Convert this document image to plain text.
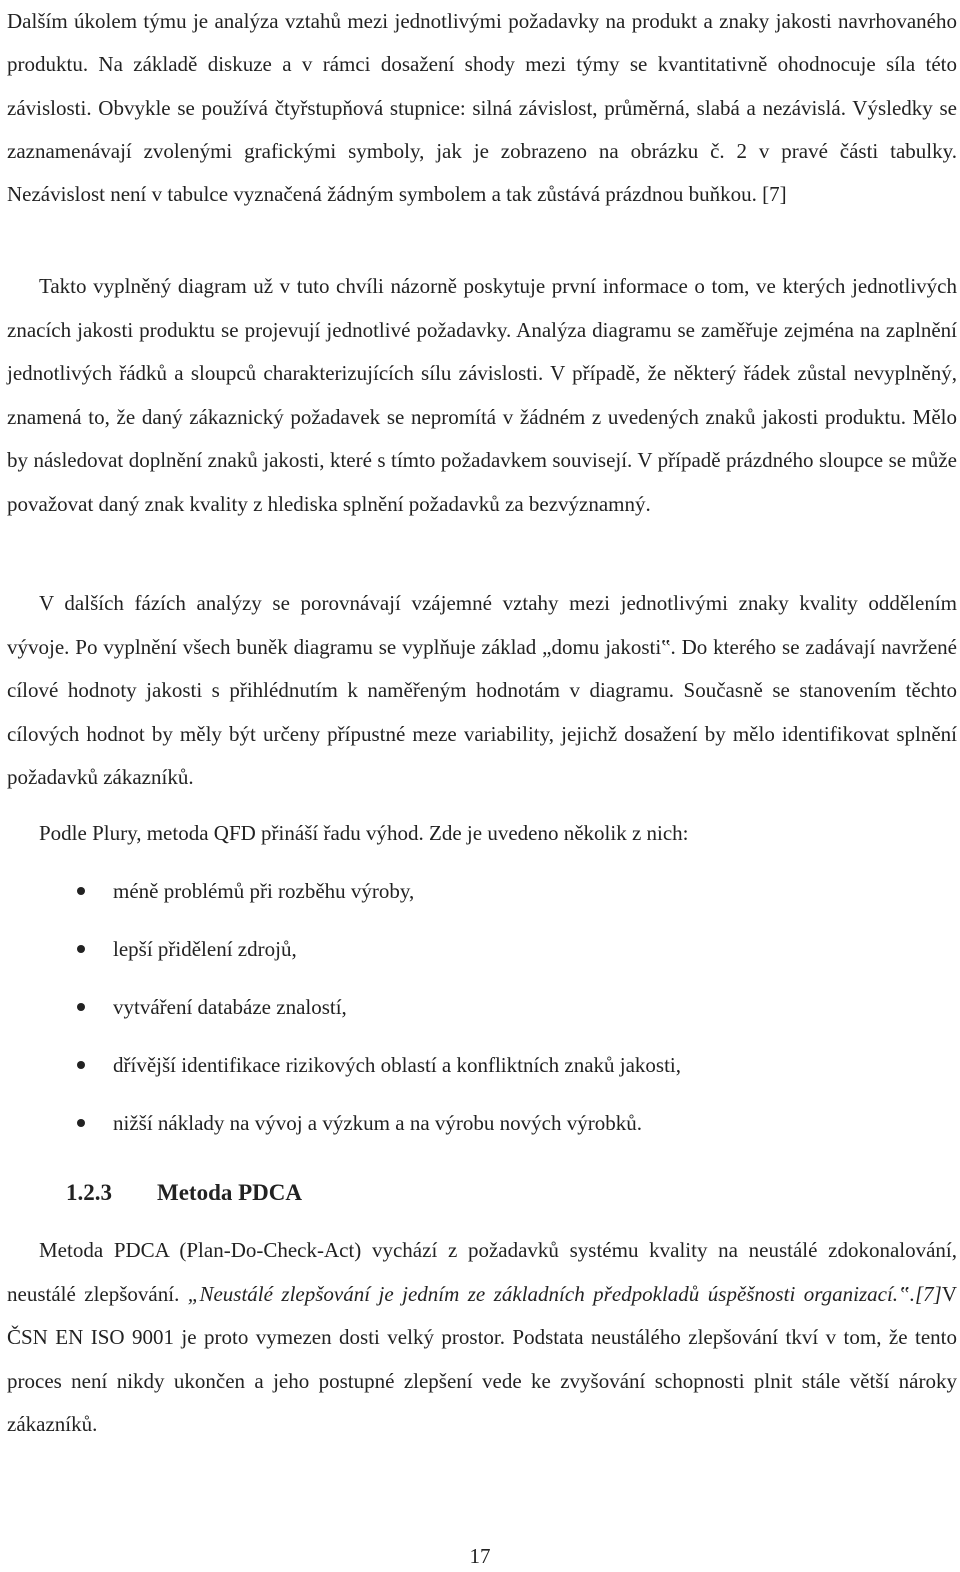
Dalším úkolem týmu je analýza vztahů mezi jednotlivými požadavky na produkt a znaky jakosti navrhovaného produktu. Na základě diskuze a v rámci dosažení shody mezi týmy se kvantitativně ohodnocuje síla této závislosti. Obvykle se používá čtyřstupňová stupnice: silná závislost, průměrná, slabá a nezávislá. Výsledky se zaznamenávají zvolenými grafickými symboly, jak je zobrazeno na obrázku č. 2 v pravé části tabulky. Nezávislost není v tabulce vyznačená žádným symbolem a tak zůstává prázdnou buňkou. [7]

Takto vyplněný diagram už v tuto chvíli názorně poskytuje první informace o tom, ve kterých jednotlivých znacích jakosti produktu se projevují jednotlivé požadavky. Analýza diagramu se zaměřuje zejména na zaplnění jednotlivých řádků a sloupců charakterizujících sílu závislosti. V případě, že některý řádek zůstal nevyplněný, znamená to, že daný zákaznický požadavek se nepromítá v žádném z uvedených znaků jakosti produktu. Mělo by následovat doplnění znaků jakosti, které s tímto požadavkem souvisejí. V případě prázdného sloupce se může považovat daný znak kvality z hlediska splnění požadavků za bezvýznamný.

V dalších fázích analýzy se porovnávají vzájemné vztahy mezi jednotlivými znaky kvality oddělením vývoje. Po vyplnění všech buněk diagramu se vyplňuje základ „domu jakosti‟. Do kterého se zadávají navržené cílové hodnoty jakosti s přihlédnutím k naměřeným hodnotám v diagramu. Současně se stanovením těchto cílových hodnot by měly být určeny přípustné meze variability, jejichž dosažení by mělo identifikovat splnění požadavků zákazníků.

Podle Plury, metoda QFD přináší řadu výhod. Zde je uvedeno několik z nich:

méně problémů při rozběhu výroby,
lepší přidělení zdrojů,
vytváření databáze znalostí,
dřívější identifikace rizikových oblastí a konfliktních znaků jakosti,
nižší náklady na vývoj a výzkum a na výrobu nových výrobků.
1.2.3 Metoda PDCA

Metoda PDCA (Plan-Do-Check-Act) vychází z požadavků systému kvality na neustálé zdokonalování, neustálé zlepšování. „Neustálé zlepšování je jedním ze základních předpokladů úspěšnosti organizací.‟.[7]V ČSN EN ISO 9001 je proto vymezen dosti velký prostor. Podstata neustálého zlepšování tkví v tom, že tento proces není nikdy ukončen a jeho postupné zlepšení vede ke zvyšování schopnosti plnit stále větší nároky zákazníků.

17
